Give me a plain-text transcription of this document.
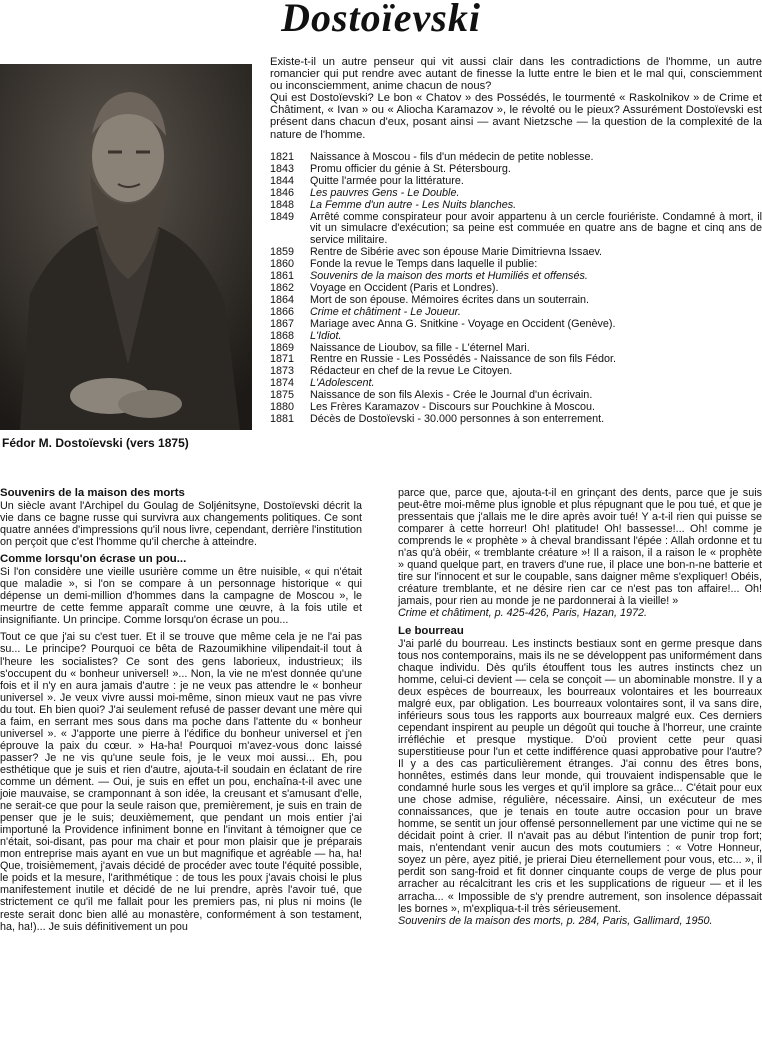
Dostoïevski
Fédor M. Dostoïevski (vers 1875)
Existe-t-il un autre penseur qui vit aussi clair dans les contradictions de l'homme, un autre romancier qui put rendre avec autant de finesse la lutte entre le bien et le mal qui, consciemment ou inconsciemment, anime chacun de nous?
Qui est Dostoïevski? Le bon « Chatov » des Possédés, le tourmenté « Raskolnikov » de Crime et Châtiment, « Ivan » ou « Aliocha Karamazov », le révolté ou le pieux? Assurément Dostoïevski est présent dans chacun d'eux, posant ainsi — avant Nietzsche — la question de la complexité de la nature de l'homme.
1821	Naissance à Moscou - fils d'un médecin de petite noblesse.
1843	Promu officier du génie à St. Pétersbourg.
1844	Quitte l'armée pour la littérature.
1846	Les pauvres Gens - Le Double.
1848	La Femme d'un autre - Les Nuits blanches.
1849	Arrêté comme conspirateur pour avoir appartenu à un cercle fouriériste. Condamné à mort, il vit un simulacre d'exécution; sa peine est commuée en quatre ans de bagne et cinq ans de service militaire.
1859	Rentre de Sibérie avec son épouse Marie Dimitrievna Issaev.
1860	Fonde la revue le Temps dans laquelle il publie:
1861	Souvenirs de la maison des morts et Humiliés et offensés.
1862	Voyage en Occident (Paris et Londres).
1864	Mort de son épouse. Mémoires écrites dans un souterrain.
1866	Crime et châtiment - Le Joueur.
1867	Mariage avec Anna G. Snitkine - Voyage en Occident (Genève).
1868	L'Idiot.
1869	Naissance de Lioubov, sa fille - L'éternel Mari.
1871	Rentre en Russie - Les Possédés - Naissance de son fils Fédor.
1873	Rédacteur en chef de la revue Le Citoyen.
1874	L'Adolescent.
1875	Naissance de son fils Alexis - Crée le Journal d'un écrivain.
1880	Les Frères Karamazov - Discours sur Pouchkine à Moscou.
1881	Décès de Dostoïevski - 30.000 personnes à son enterrement.
Souvenirs de la maison des morts

Un siècle avant l'Archipel du Goulag de Soljénitsyne, Dostoïevski décrit la vie dans ce bagne russe qui survivra aux changements politiques. Ce sont quatre années d'impressions qu'il nous livre, cependant, derrière l'institution on perçoit que c'est l'homme qu'il cherche à atteindre.

Comme lorsqu'on écrase un pou...

Si l'on considère une vieille usurière comme un être nuisible, « qui n'était que maladie », si l'on se compare à un personnage historique « qui dépense un demi-million d'hommes dans la campagne de Moscou », le meurtre de cette femme apparaît comme une œuvre, à la fois utile et insignifiante. Un principe. Comme lorsqu'on écrase un pou...

Tout ce que j'ai su c'est tuer. Et il se trouve que même cela je ne l'ai pas su... Le principe? Pourquoi ce bêta de Razoumikhine vilipendait-il tout à l'heure les socialistes? Ce sont des gens laborieux, industrieux; ils s'occupent du « bonheur universel! »... Non, la vie ne m'est donnée qu'une fois et il n'y en aura jamais d'autre : je ne veux pas attendre le « bonheur universel ». Je veux vivre aussi moi-même, sinon mieux vaut ne pas vivre du tout. Eh bien quoi? J'ai seulement refusé de passer devant une mère qui a faim, en serrant mes sous dans ma poche dans l'attente du « bonheur universel ». « J'apporte une pierre à l'édifice du bonheur universel et j'en éprouve la paix du cœur. » Ha-ha! Pourquoi m'avez-vous donc laissé passer? Je ne vis qu'une seule fois, je le veux moi aussi... Eh, pou esthétique que je suis et rien d'autre, ajouta-t-il soudain en éclatant de rire comme un dément. — Oui, je suis en effet un pou, enchaîna-t-il avec une joie mauvaise, se cramponnant à son idée, la creusant et s'amusant d'elle, ne serait-ce que pour la seule raison que, premièrement, je suis en train de penser que je le suis; deuxièmement, que pendant un mois entier j'ai importuné la Providence infiniment bonne en l'invitant à témoigner que ce n'était, soi-disant, pas pour ma chair et pour mon plaisir que je préparais mon entreprise mais ayant en vue un but magnifique et agréable — ha, ha! Que, troisièmement, j'avais décidé de procéder avec toute l'équité possible, le poids et la mesure, l'arithmétique : de tous les poux j'avais choisi le plus manifestement inutile et décidé de ne lui prendre, après l'avoir tué, que strictement ce qu'il me fallait pour les premiers pas, ni plus ni moins (le reste serait donc bien allé au monastère, conformément à son testament, ha, ha!)... Je suis définitivement un pou

parce que, parce que, ajouta-t-il en grinçant des dents, parce que je suis peut-être moi-même plus ignoble et plus répugnant que le pou tué, et que je pressentais que j'allais me le dire après avoir tué! Y a-t-il rien qui puisse se comparer à cette horreur! Oh! platitude! Oh! bassesse!... Oh! comme je comprends le « prophète » à cheval brandissant l'épée : Allah ordonne et tu n'as qu'à obéir, « tremblante créature »! Il a raison, il a raison le « prophète » quand quelque part, en travers d'une rue, il place une bon-n-ne batterie et tire sur l'innocent et sur le coupable, sans daigner même s'expliquer! Obéis, créature tremblante, et ne désire rien car ce n'est pas ton affaire!... Oh! jamais, pour rien au monde je ne pardonnerai à la vieille! »

Crime et châtiment, p. 425-426, Paris, Hazan, 1972.

Le bourreau

J'ai parlé du bourreau. Les instincts bestiaux sont en germe presque dans tous nos contemporains, mais ils ne se développent pas uniformément dans chaque individu. Dès qu'ils étouffent tous les autres instincts chez un homme, celui-ci devient — cela se conçoit — un abominable monstre. Il y a deux espèces de bourreaux, les bourreaux volontaires et les bourreaux malgré eux, par obligation. Les bourreaux volontaires sont, il va sans dire, inférieurs sous tous les rapports aux bourreaux malgré eux. Ces derniers cependant inspirent au peuple un dégoût qui touche à l'horreur, une crainte irréfléchie et presque mystique. D'où provient cette peur quasi superstitieuse pour l'un et cette indifférence quasi approbative pour l'autre? Il y a des cas particulièrement étranges. J'ai connu des êtres bons, honnêtes, estimés dans leur monde, qui trouvaient indispensable que le condamné hurle sous les verges et qu'il implore sa grâce... C'était pour eux une chose admise, régulière, nécessaire. Ainsi, un exécuteur de mes connaissances, que je tenais en toute autre occasion pour un brave homme, se sentit un jour offensé personnellement par une victime qui ne se décidait point à crier. Il n'avait pas au début l'intention de punir trop fort; mais, n'entendant venir aucun des mots coutumiers : « Votre Honneur, soyez un père, ayez pitié, je prierai Dieu éternellement pour vous, etc... », il perdit son sang-froid et fit donner cinquante coups de verge de plus pour arracher au récalcitrant les cris et les supplications de rigueur — et il les arracha... « Impossible de s'y prendre autrement, son insolence dépassait les bornes », m'expliqua-t-il très sérieusement.

Souvenirs de la maison des morts, p. 284, Paris, Gallimard, 1950.
